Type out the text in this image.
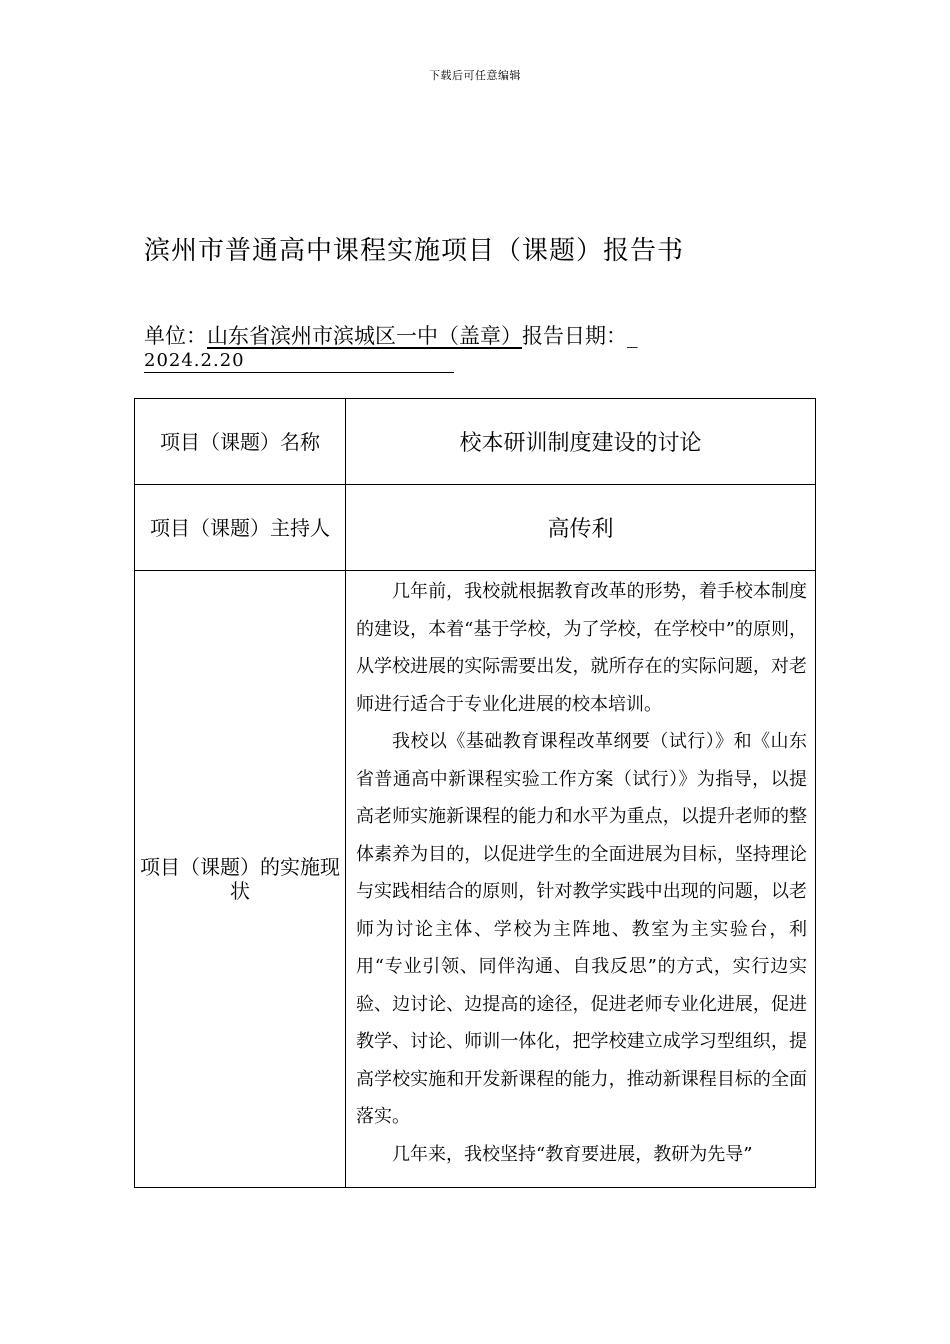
下载后可任意编辑
滨州市普通高中课程实施项目（课题）报告书
单位：山东省滨州市滨城区一中（盖章）报告日期：_
2024.2.20
项目（课题）名称	校本研训制度建设的讨论
项目（课题）主持人	高传利
项目（课题）的实施现状	几年前，我校就根据教育改革的形势，着手校本制度的建设，本着“基于学校，为了学校，在学校中”的原则，从学校进展的实际需要出发，就所存在的实际问题，对老师进行适合于专业化进展的校本培训。

我校以《基础教育课程改革纲要（试行）》和《山东省普通高中新课程实验工作方案（试行）》为指导，以提高老师实施新课程的能力和水平为重点，以提升老师的整体素养为目的，以促进学生的全面进展为目标，坚持理论与实践相结合的原则，针对教学实践中出现的问题，以老师为讨论主体、学校为主阵地、教室为主实验台，利用“专业引领、同伴沟通、自我反思”的方式，实行边实验、边讨论、边提高的途径，促进老师专业化进展，促进教学、讨论、师训一体化，把学校建立成学习型组织，提高学校实施和开发新课程的能力，推动新课程目标的全面落实。

几年来，我校坚持“教育要进展，教研为先导”
